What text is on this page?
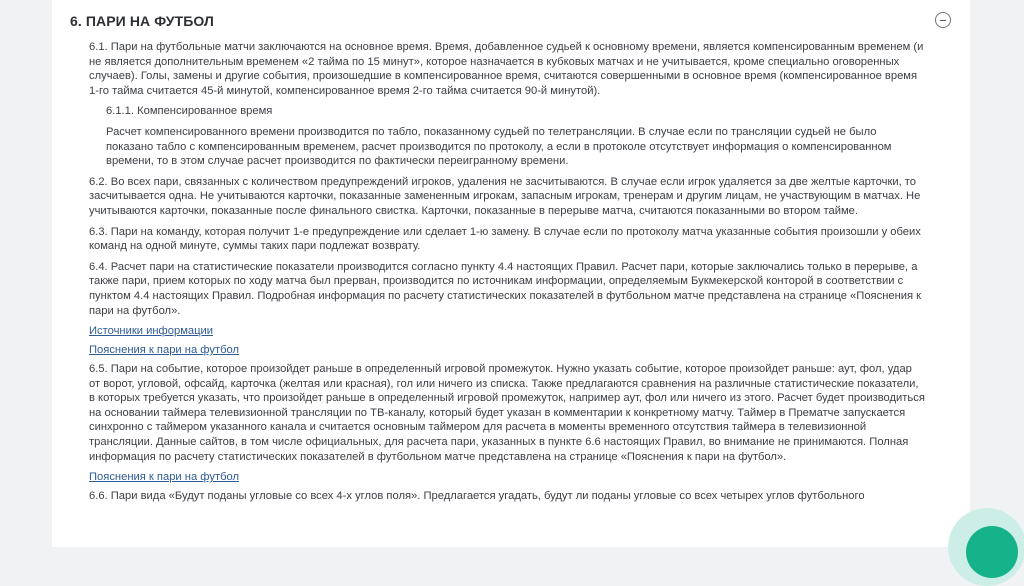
6. ПАРИ НА ФУТБОЛ

6.1. Пари на футбольные матчи заключаются на основное время. Время, добавленное судьей к основному времени, является компенсированным временем (и не является дополнительным временем «2 тайма по 15 минут», которое назначается в кубковых матчах и не учитывается, кроме специально оговоренных случаев). Голы, замены и другие события, произошедшие в компенсированное время, считаются совершенными в основное время (компенсированное время 1-го тайма считается 45-й минутой, компенсированное время 2-го тайма считается 90-й минутой).

6.1.1. Компенсированное время

Расчет компенсированного времени производится по табло, показанному судьей по телетрансляции. В случае если по трансляции судьей не было показано табло с компенсированным временем, расчет производится по протоколу, а если в протоколе отсутствует информация о компенсированном времени, то в этом случае расчет производится по фактически переигранному времени.

6.2. Во всех пари, связанных с количеством предупреждений игроков, удаления не засчитываются. В случае если игрок удаляется за две желтые карточки, то засчитывается одна. Не учитываются карточки, показанные замененным игрокам, запасным игрокам, тренерам и другим лицам, не участвующим в матчах. Не учитываются карточки, показанные после финального свистка. Карточки, показанные в перерыве матча, считаются показанными во втором тайме.

6.3. Пари на команду, которая получит 1-е предупреждение или сделает 1-ю замену. В случае если по протоколу матча указанные события произошли у обеих команд на одной минуте, суммы таких пари подлежат возврату.

6.4. Расчет пари на статистические показатели производится согласно пункту 4.4 настоящих Правил. Расчет пари, которые заключались только в перерыве, а также пари, прием которых по ходу матча был прерван, производится по источникам информации, определяемым Букмекерской конторой в соответствии с пунктом 4.4 настоящих Правил. Подробная информация по расчету статистических показателей в футбольном матче представлена на странице «Пояснения к пари на футбол».

Источники информации
Пояснения к пари на футбол

6.5. Пари на событие, которое произойдет раньше в определенный игровой промежуток. Нужно указать событие, которое произойдет раньше: аут, фол, удар от ворот, угловой, офсайд, карточка (желтая или красная), гол или ничего из списка. Также предлагаются сравнения на различные статистические показатели, в которых требуется указать, что произойдет раньше в определенный игровой промежуток, например аут, фол или ничего из этого. Расчет будет производиться на основании таймера телевизионной трансляции по ТВ-каналу, который будет указан в комментарии к конкретному матчу. Таймер в Прематче запускается синхронно с таймером указанного канала и считается основным таймером для расчета в моменты временного отсутствия таймера в телевизионной трансляции. Данные сайтов, в том числе официальных, для расчета пари, указанных в пункте 6.6 настоящих Правил, во внимание не принимаются. Полная информация по расчету статистических показателей в футбольном матче представлена на странице «Пояснения к пари на футбол».

Пояснения к пари на футбол

6.6. Пари вида «Будут поданы угловые со всех 4-х углов поля». Предлагается угадать, будут ли поданы угловые со всех четырех углов футбольного
